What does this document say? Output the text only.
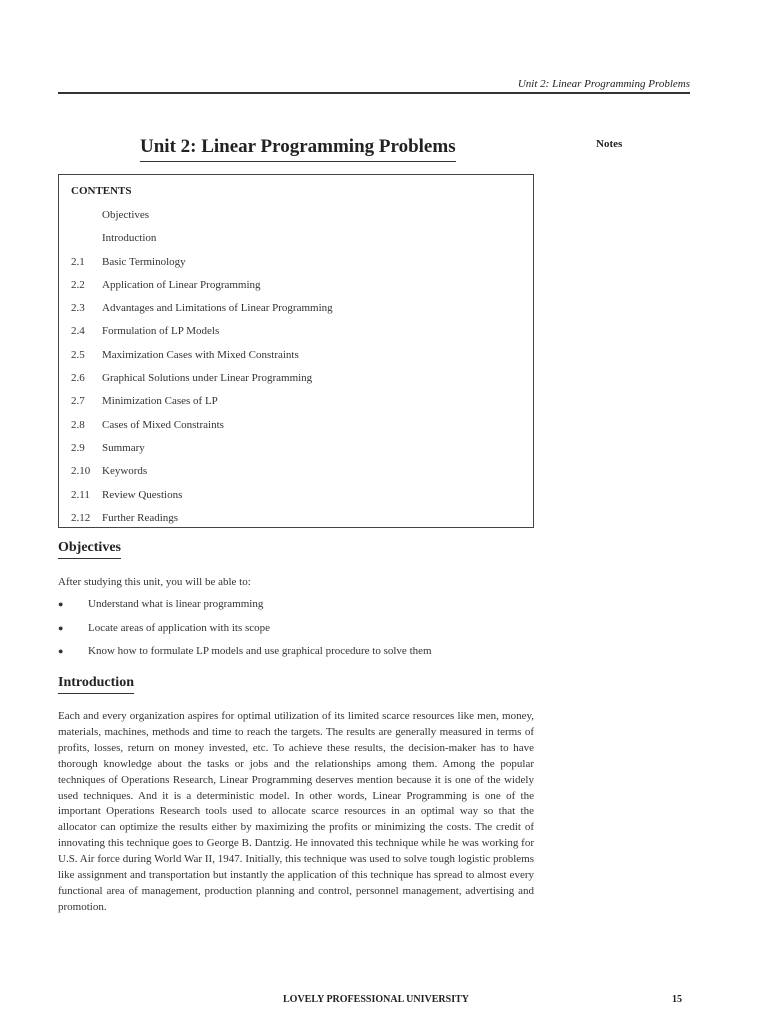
Unit 2: Linear Programming Problems
Unit 2: Linear Programming Problems	Notes
CONTENTS
Objectives
Introduction
2.1 Basic Terminology
2.2 Application of Linear Programming
2.3 Advantages and Limitations of Linear Programming
2.4 Formulation of LP Models
2.5 Maximization Cases with Mixed Constraints
2.6 Graphical Solutions under Linear Programming
2.7 Minimization Cases of LP
2.8 Cases of Mixed Constraints
2.9 Summary
2.10 Keywords
2.11 Review Questions
2.12 Further Readings
Objectives
After studying this unit, you will be able to:
● Understand what is linear programming
● Locate areas of application with its scope
● Know how to formulate LP models and use graphical procedure to solve them
Introduction

Each and every organization aspires for optimal utilization of its limited scarce resources like men, money, materials, machines, methods and time to reach the targets. The results are generally measured in terms of profits, losses, return on money invested, etc. To achieve these results, the decision-maker has to have thorough knowledge about the tasks or jobs and the relationships among them. Among the popular techniques of Operations Research, Linear Programming deserves mention because it is one of the widely used techniques. And it is a deterministic model. In other words, Linear Programming is one of the important Operations Research tools used to allocate scarce resources in an optimal way so that the allocator can optimize the results either by maximizing the profits or minimizing the costs. The credit of innovating this technique goes to George B. Dantzig. He innovated this technique while he was working for U.S. Air force during World War II, 1947. Initially, this technique was used to solve tough logistic problems like assignment and transportation but instantly the application of this technique has spread to almost every functional area of management, production planning and control, personnel management, advertising and promotion.

LOVELY PROFESSIONAL UNIVERSITY	15
